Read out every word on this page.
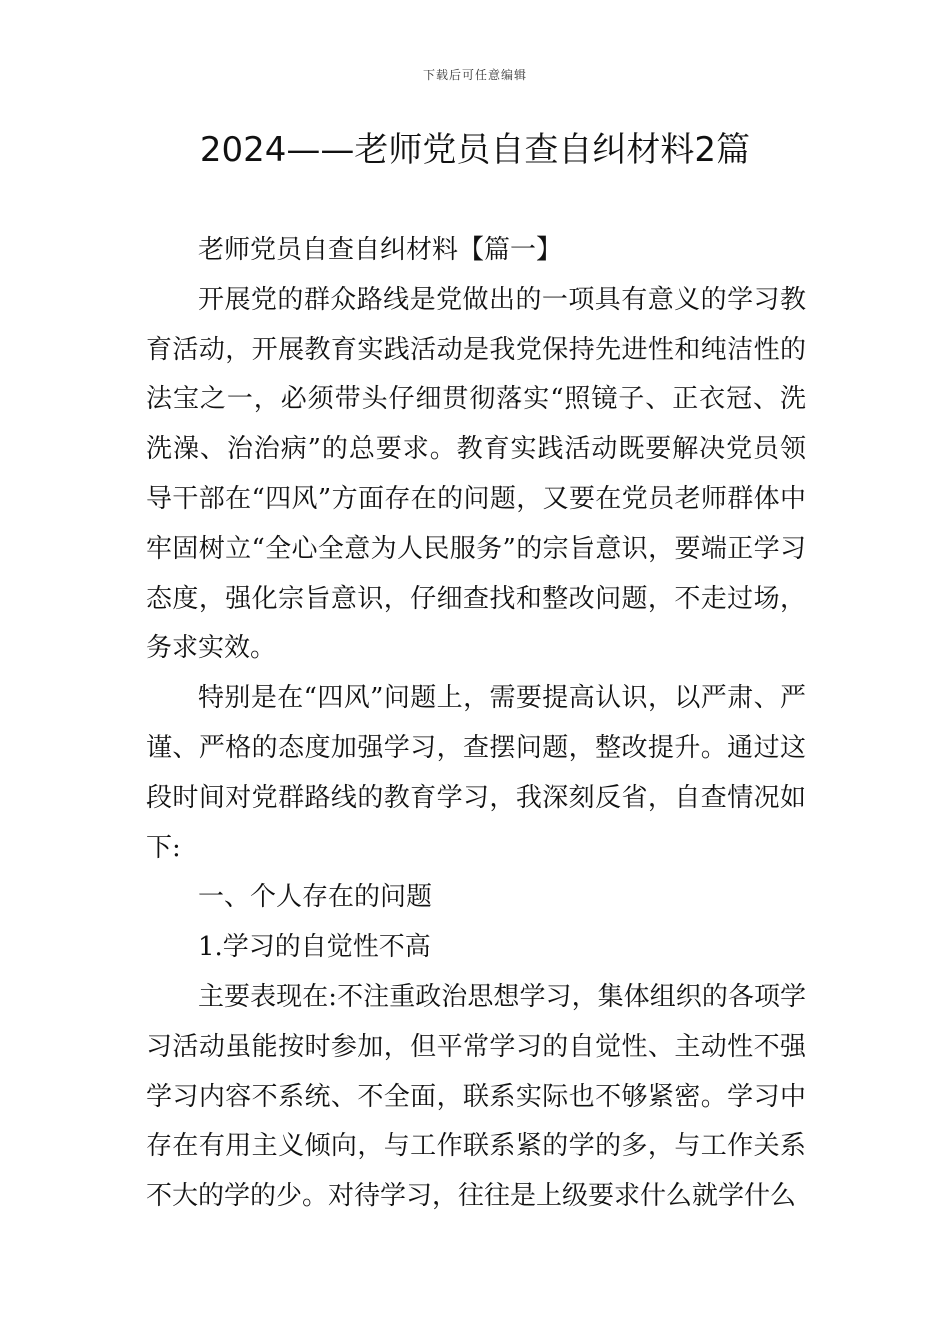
下载后可任意编辑
2024——老师党员自查自纠材料2篇

老师党员自查自纠材料【篇一】

开展党的群众路线是党做出的一项具有意义的学习教育活动，开展教育实践活动是我党保持先进性和纯洁性的法宝之一，必须带头仔细贯彻落实“照镜子、正衣冠、洗洗澡、治治病”的总要求。教育实践活动既要解决党员领导干部在“四风”方面存在的问题，又要在党员老师群体中牢固树立“全心全意为人民服务”的宗旨意识，要端正学习态度，强化宗旨意识，仔细查找和整改问题，不走过场，务求实效。

特别是在“四风”问题上，需要提高认识，以严肃、严谨、严格的态度加强学习，查摆问题，整改提升。通过这段时间对党群路线的教育学习，我深刻反省，自查情况如下:

一、个人存在的问题

1.学习的自觉性不高

主要表现在:不注重政治思想学习，集体组织的各项学习活动虽能按时参加，但平常学习的自觉性、主动性不强学习内容不系统、不全面，联系实际也不够紧密。学习中存在有用主义倾向，与工作联系紧的学的多，与工作关系不大的学的少。对待学习，往往是上级要求什么就学什么
